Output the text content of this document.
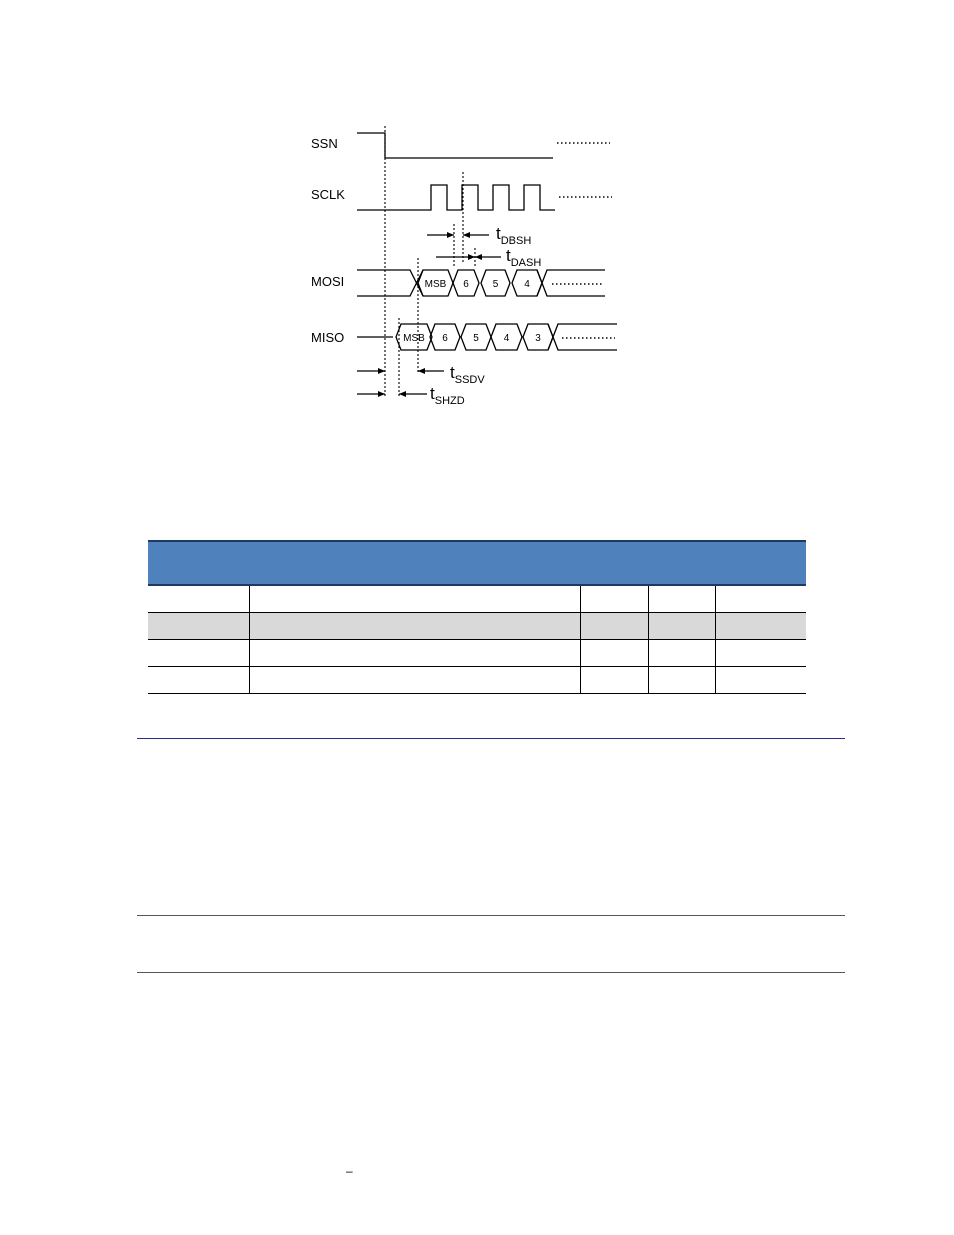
SSN
SCLK
MOSI
MISO
MSB 6 5	4
MSB 6	5 4	3
$t_{DBSH}$
$t_{DASH}$
$t_{SSDV}$
$t_{SHZD}$

–
